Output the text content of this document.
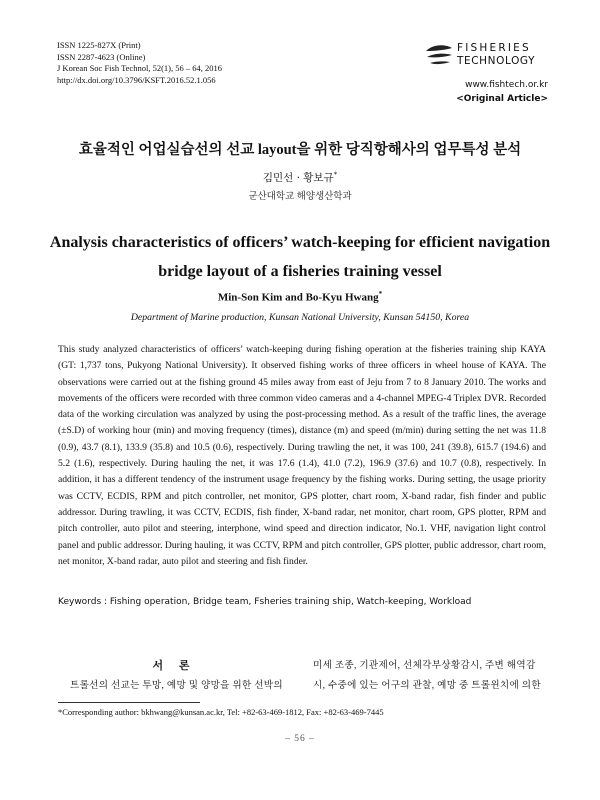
ISSN 1225-827X (Print)
ISSN 2287-4623 (Online)
J Korean Soc Fish Technol, 52(1), 56 – 64, 2016
http://dx.doi.org/10.3796/KSFT.2016.52.1.056
FISHERIES
TECHNOLOGY
www.fishtech.or.kr
<Original Article>
효율적인 어업실습선의 선교 layout을 위한 당직항해사의 업무특성 분석
김민선 · 황보규*
군산대학교 해양생산학과
Analysis characteristics of officers’ watch-keeping for efficient navigation bridge layout of a fisheries training vessel
Min-Son Kim and Bo-Kyu Hwang*
Department of Marine production, Kunsan National University, Kunsan 54150, Korea
This study analyzed characteristics of officers’ watch-keeping during fishing operation at the fisheries training ship KAYA (GT: 1,737 tons, Pukyong National University). It observed fishing works of three officers in wheel house of KAYA. The observations were carried out at the fishing ground 45 miles away from east of Jeju from 7 to 8 January 2010. The works and movements of the officers were recorded with three common video cameras and a 4-channel MPEG-4 Triplex DVR. Recorded data of the working circulation was analyzed by using the post-processing method. As a result of the traffic lines, the average (±S.D) of working hour (min) and moving frequency (times), distance (m) and speed (m/min) during setting the net was 11.8 (0.9), 43.7 (8.1), 133.9 (35.8) and 10.5 (0.6), respectively. During trawling the net, it was 100, 241 (39.8), 615.7 (194.6) and 5.2 (1.6), respectively. During hauling the net, it was 17.6 (1.4), 41.0 (7.2), 196.9 (37.6) and 10.7 (0.8), respectively. In addition, it has a different tendency of the instrument usage frequency by the fishing works. During setting, the usage priority was CCTV, ECDIS, RPM and pitch controller, net monitor, GPS plotter, chart room, X-band radar, fish finder and public addressor. During trawling, it was CCTV, ECDIS, fish finder, X-band radar, net monitor, chart room, GPS plotter, RPM and pitch controller, auto pilot and steering, interphone, wind speed and direction indicator, No.1. VHF, navigation light control panel and public addressor. During hauling, it was CCTV, RPM and pitch controller, GPS plotter, public addressor, chart room, net monitor, X-band radar, auto pilot and steering and fish finder.
Keywords : Fishing operation, Bridge team, Fsheries training ship, Watch-keeping, Workload
서 론
트롤선의 선교는 투망, 예망 및 양망을 위한 선박의
미세 조종, 기관제어, 선체각부상황감시, 주변 해역감
시, 수중에 있는 어구의 관찰, 예망 중 트롤윈치에 의한
*Corresponding author: bkhwang@kunsan.ac.kr, Tel: +82-63-469-1812, Fax: +82-63-469-7445
– 56 –
